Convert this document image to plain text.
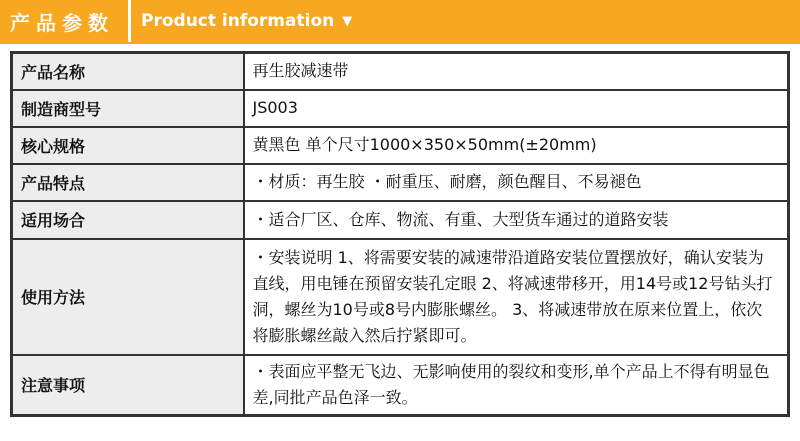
产品参数	Product information ▼
产品名称	再生胶减速带
制造商型号	JS003
核心规格	黄黑色 单个尺寸1000×350×50mm(±20mm)
产品特点	・材质：再生胶 ・耐重压、耐磨，颜色醒目、不易褪色
适用场合	・适合厂区、仓库、物流、有重、大型货车通过的道路安装
使用方法	・安装说明 1、将需要安装的减速带沿道路安装位置摆放好，确认安装为直线，用电锤在预留安装孔定眼 2、将减速带移开，用14号或12号钻头打洞，螺丝为10号或8号内膨胀螺丝。 3、将减速带放在原来位置上，依次将膨胀螺丝敲入然后拧紧即可。
注意事项	・表面应平整无飞边、无影响使用的裂纹和变形,单个产品上不得有明显色差,同批产品色泽一致。
